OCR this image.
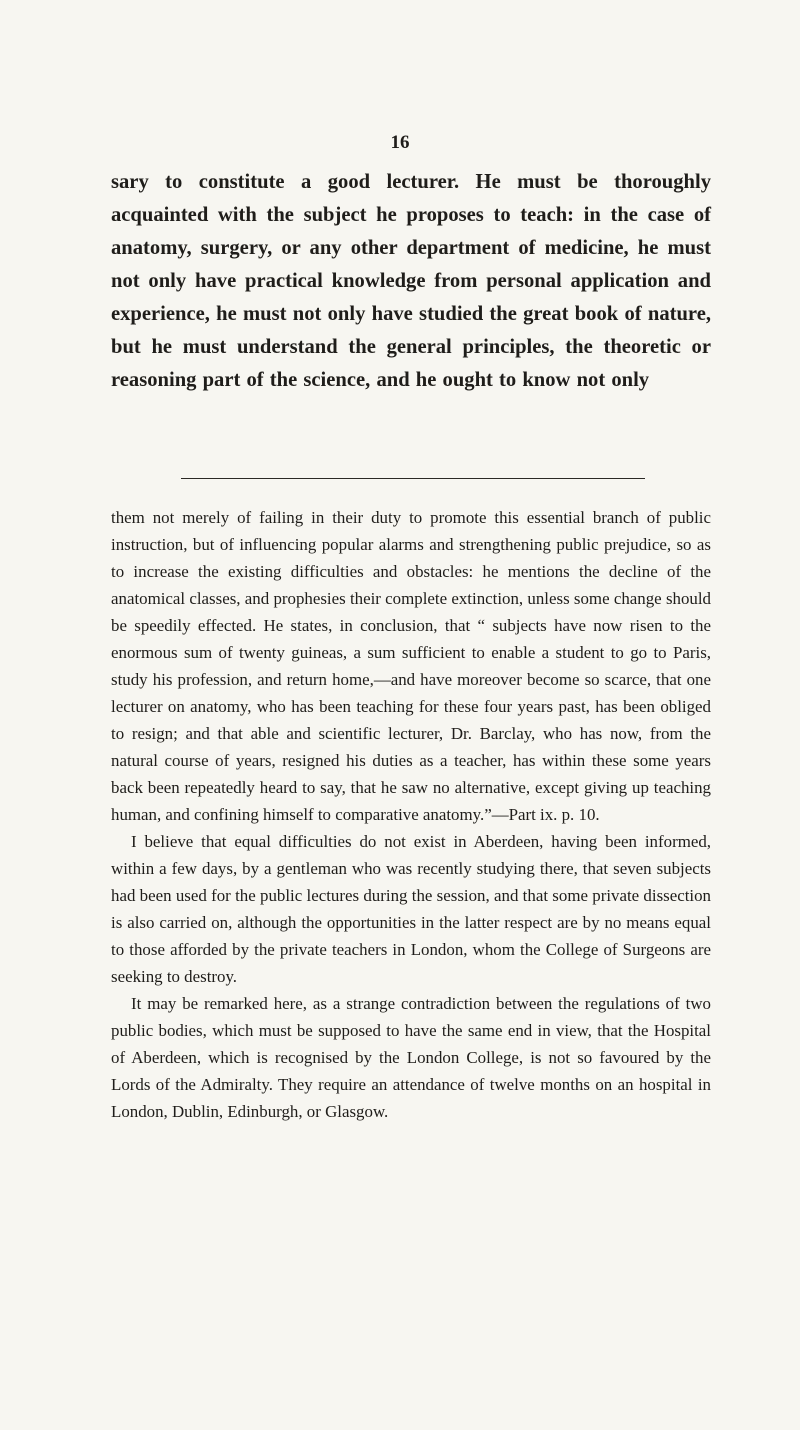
16

sary to constitute a good lecturer. He must be thoroughly acquainted with the subject he proposes to teach: in the case of anatomy, surgery, or any other department of medicine, he must not only have practical knowledge from personal application and experience, he must not only have studied the great book of nature, but he must understand the general principles, the theoretic or reasoning part of the science, and he ought to know not only

them not merely of failing in their duty to promote this essential branch of public instruction, but of influencing popular alarms and strengthening public prejudice, so as to increase the existing difficulties and obstacles: he mentions the decline of the anatomical classes, and prophesies their complete extinction, unless some change should be speedily effected. He states, in conclusion, that “ subjects have now risen to the enormous sum of twenty guineas, a sum sufficient to enable a student to go to Paris, study his profession, and return home,—and have moreover become so scarce, that one lecturer on anatomy, who has been teaching for these four years past, has been obliged to resign; and that able and scientific lecturer, Dr. Barclay, who has now, from the natural course of years, resigned his duties as a teacher, has within these some years back been repeatedly heard to say, that he saw no alternative, except giving up teaching human, and confining himself to comparative anatomy.”—Part ix. p. 10.

I believe that equal difficulties do not exist in Aberdeen, having been informed, within a few days, by a gentleman who was recently studying there, that seven subjects had been used for the public lectures during the session, and that some private dissection is also carried on, although the opportunities in the latter respect are by no means equal to those afforded by the private teachers in London, whom the College of Surgeons are seeking to destroy.

It may be remarked here, as a strange contradiction between the regulations of two public bodies, which must be supposed to have the same end in view, that the Hospital of Aberdeen, which is recognised by the London College, is not so favoured by the Lords of the Admiralty. They require an attendance of twelve months on an hospital in London, Dublin, Edinburgh, or Glasgow.
